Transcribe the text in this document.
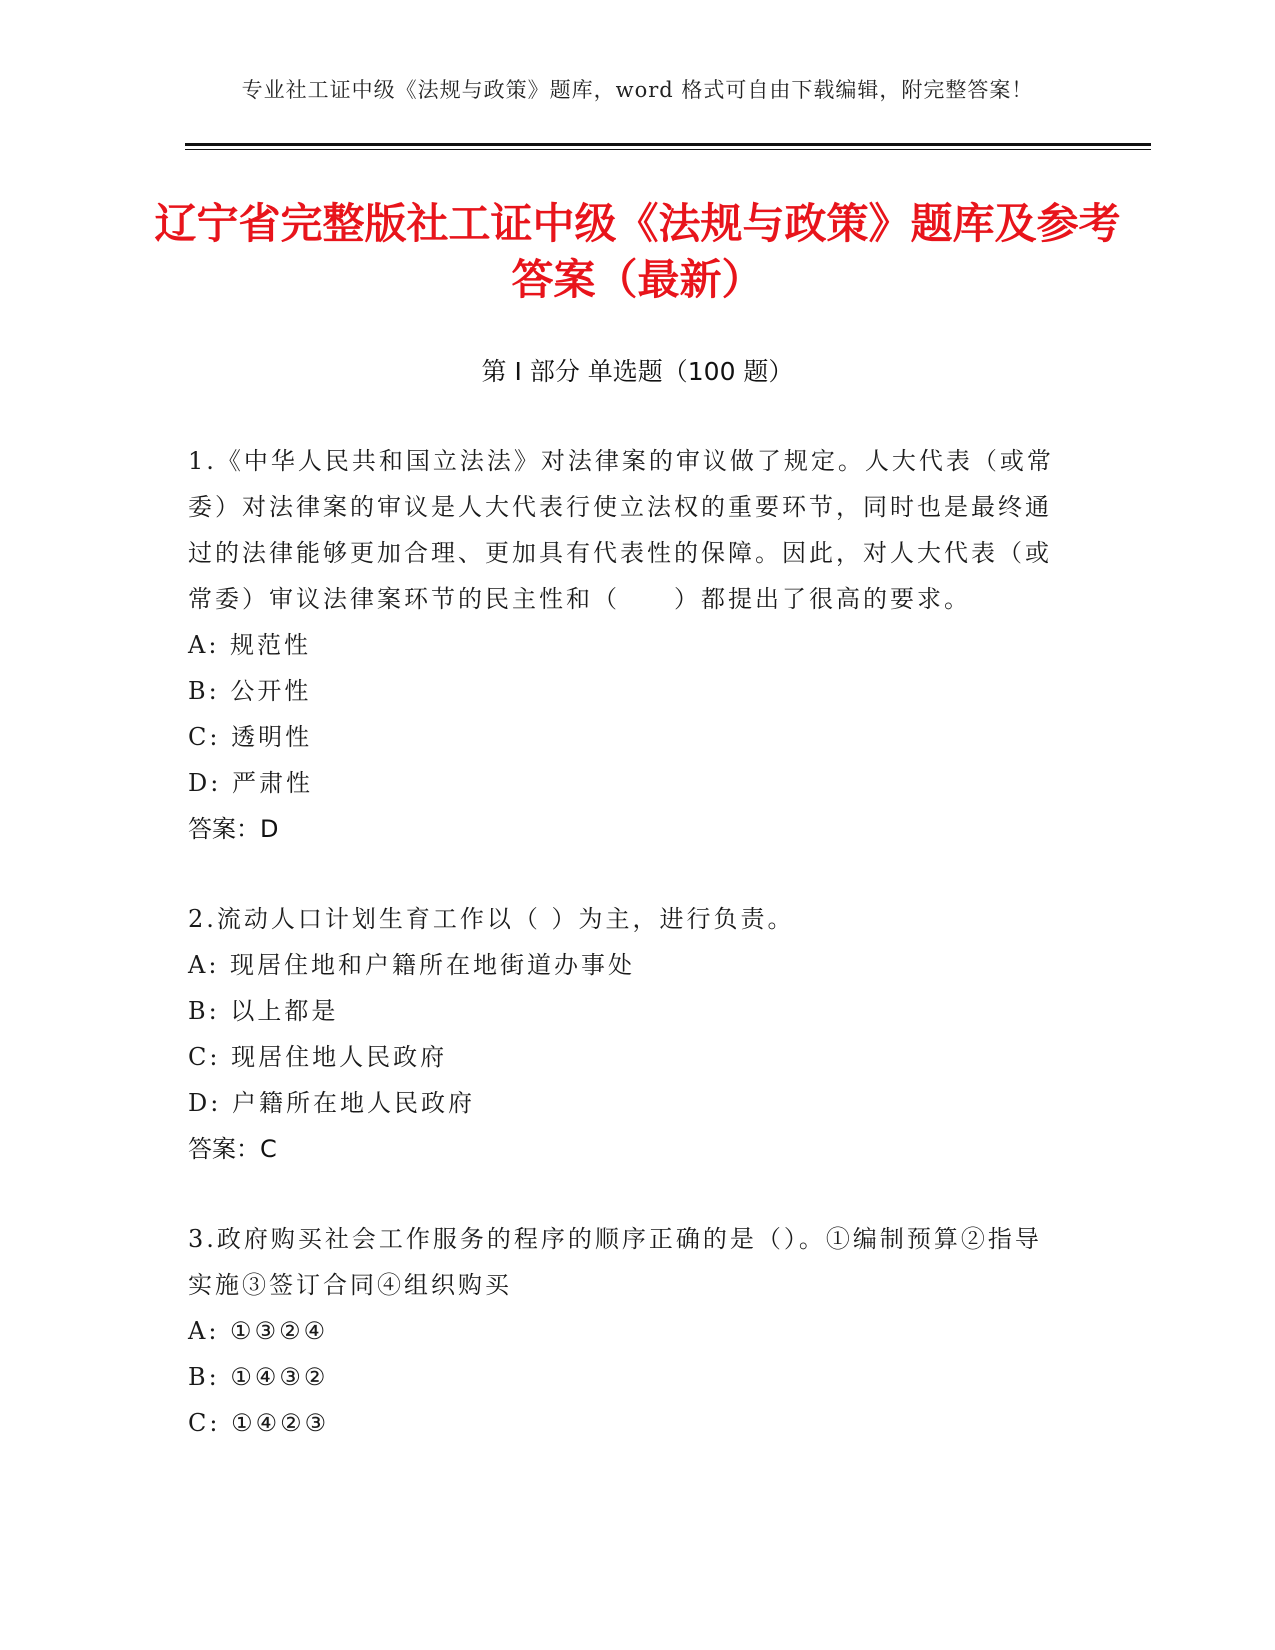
专业社工证中级《法规与政策》题库，word 格式可自由下载编辑，附完整答案！
辽宁省完整版社工证中级《法规与政策》题库及参考答案（最新）
第 I 部分 单选题（100 题）
1.《中华人民共和国立法法》对法律案的审议做了规定。人大代表（或常委）对法律案的审议是人大代表行使立法权的重要环节，同时也是最终通过的法律能够更加合理、更加具有代表性的保障。因此，对人大代表（或常委）审议法律案环节的民主性和（　　）都提出了很高的要求。
A: 规范性
B: 公开性
C: 透明性
D: 严肃性
答案：D
2.流动人口计划生育工作以（ ）为主，进行负责。
A: 现居住地和户籍所在地街道办事处
B: 以上都是
C: 现居住地人民政府
D: 户籍所在地人民政府
答案：C
3.政府购买社会工作服务的程序的顺序正确的是（）。①编制预算②指导实施③签订合同④组织购买
A: ①③②④
B: ①④③②
C: ①④②③
